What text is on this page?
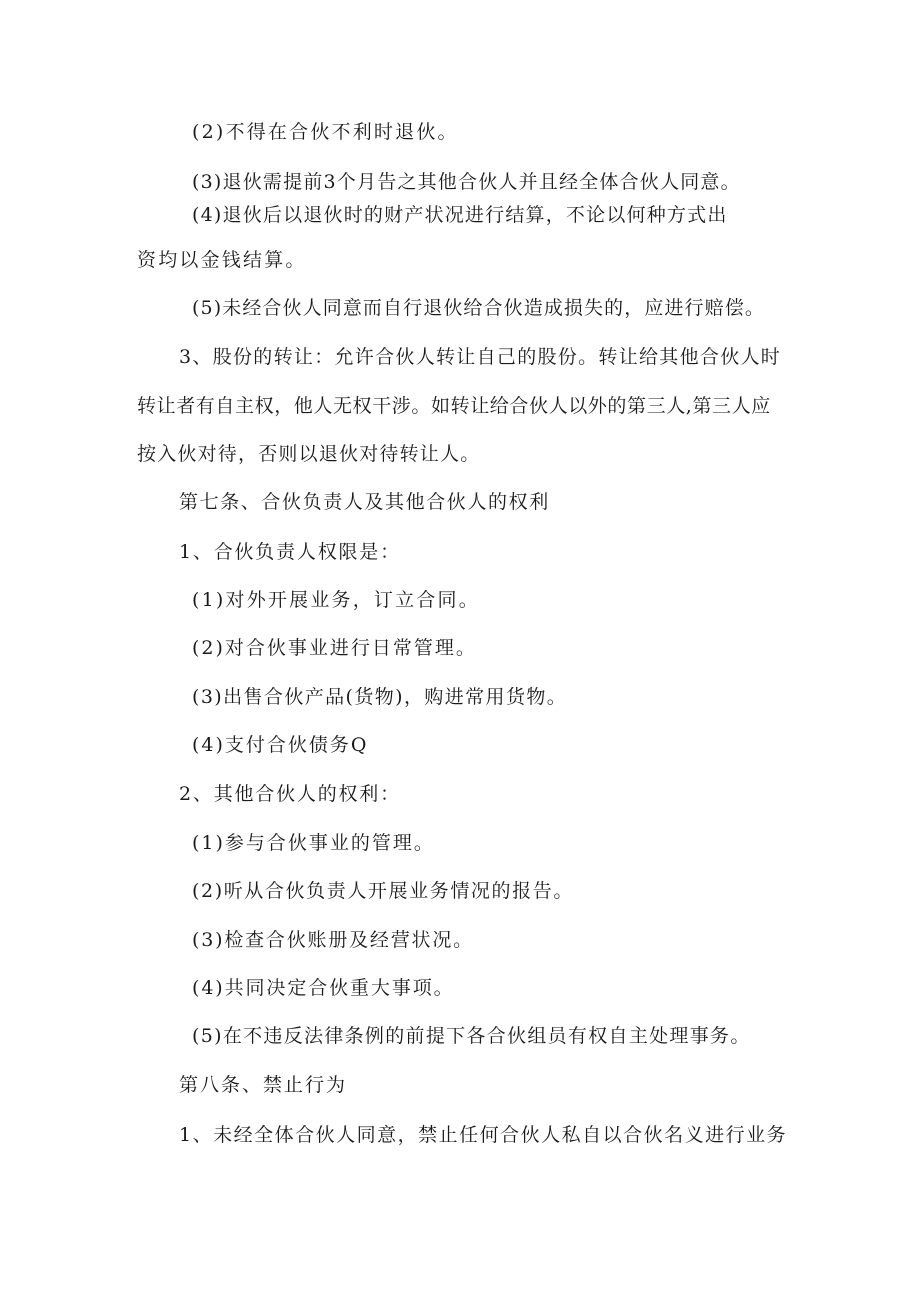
(2)不得在合伙不利时退伙。
(3)退伙需提前3个月告之其他合伙人并且经全体合伙人同意。
(4)退伙后以退伙时的财产状况进行结算，不论以何种方式出
资均以金钱结算。
(5)未经合伙人同意而自行退伙给合伙造成损失的，应进行赔偿。
3、股份的转让：允许合伙人转让自己的股份。转让给其他合伙人时
转让者有自主权，他人无权干涉。如转让给合伙人以外的第三人,第三人应
按入伙对待，否则以退伙对待转让人。
第七条、合伙负责人及其他合伙人的权利
1、合伙负责人权限是：
(1)对外开展业务，订立合同。
(2)对合伙事业进行日常管理。
(3)出售合伙产品(货物)，购进常用货物。
(4)支付合伙债务Q
2、其他合伙人的权利：
(1)参与合伙事业的管理。
(2)听从合伙负责人开展业务情况的报告。
(3)检查合伙账册及经营状况。
(4)共同决定合伙重大事项。
(5)在不违反法律条例的前提下各合伙组员有权自主处理事务。
第八条、禁止行为
1、未经全体合伙人同意，禁止任何合伙人私自以合伙名义进行业务
